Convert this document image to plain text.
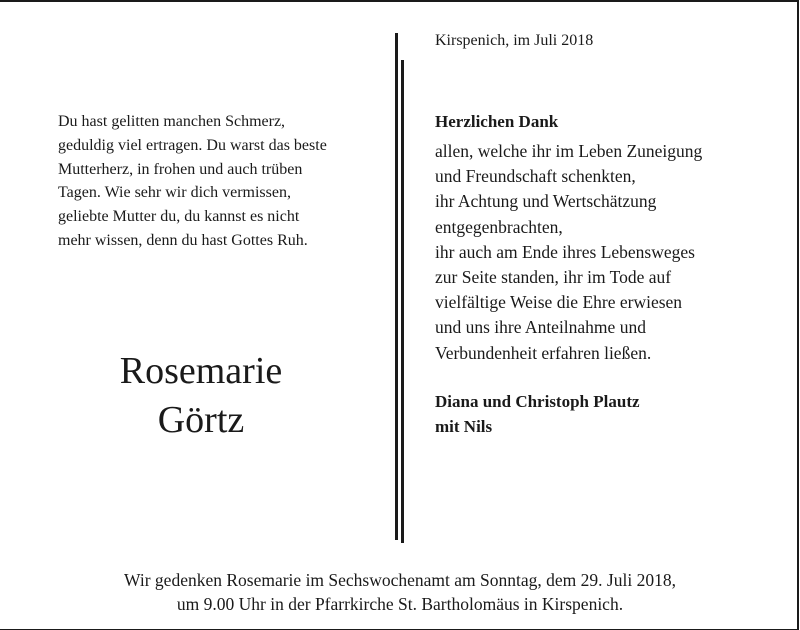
Kirspenich, im Juli 2018
Du hast gelitten manchen Schmerz,
geduldig viel ertragen. Du warst das beste
Mutterherz, in frohen und auch trüben
Tagen. Wie sehr wir dich vermissen,
geliebte Mutter du, du kannst es nicht
mehr wissen, denn du hast Gottes Ruh.
Rosemarie
Görtz
Herzlichen Dank
allen, welche ihr im Leben Zuneigung
und Freundschaft schenkten,
ihr Achtung und Wertschätzung
entgegenbrachten,
ihr auch am Ende ihres Lebensweges
zur Seite standen, ihr im Tode auf
vielfältige Weise die Ehre erwiesen
und uns ihre Anteilnahme und
Verbundenheit erfahren ließen.
Diana und Christoph Plautz
mit Nils
Wir gedenken Rosemarie im Sechswochenamt am Sonntag, dem 29. Juli 2018,
um 9.00 Uhr in der Pfarrkirche St. Bartholomäus in Kirspenich.
